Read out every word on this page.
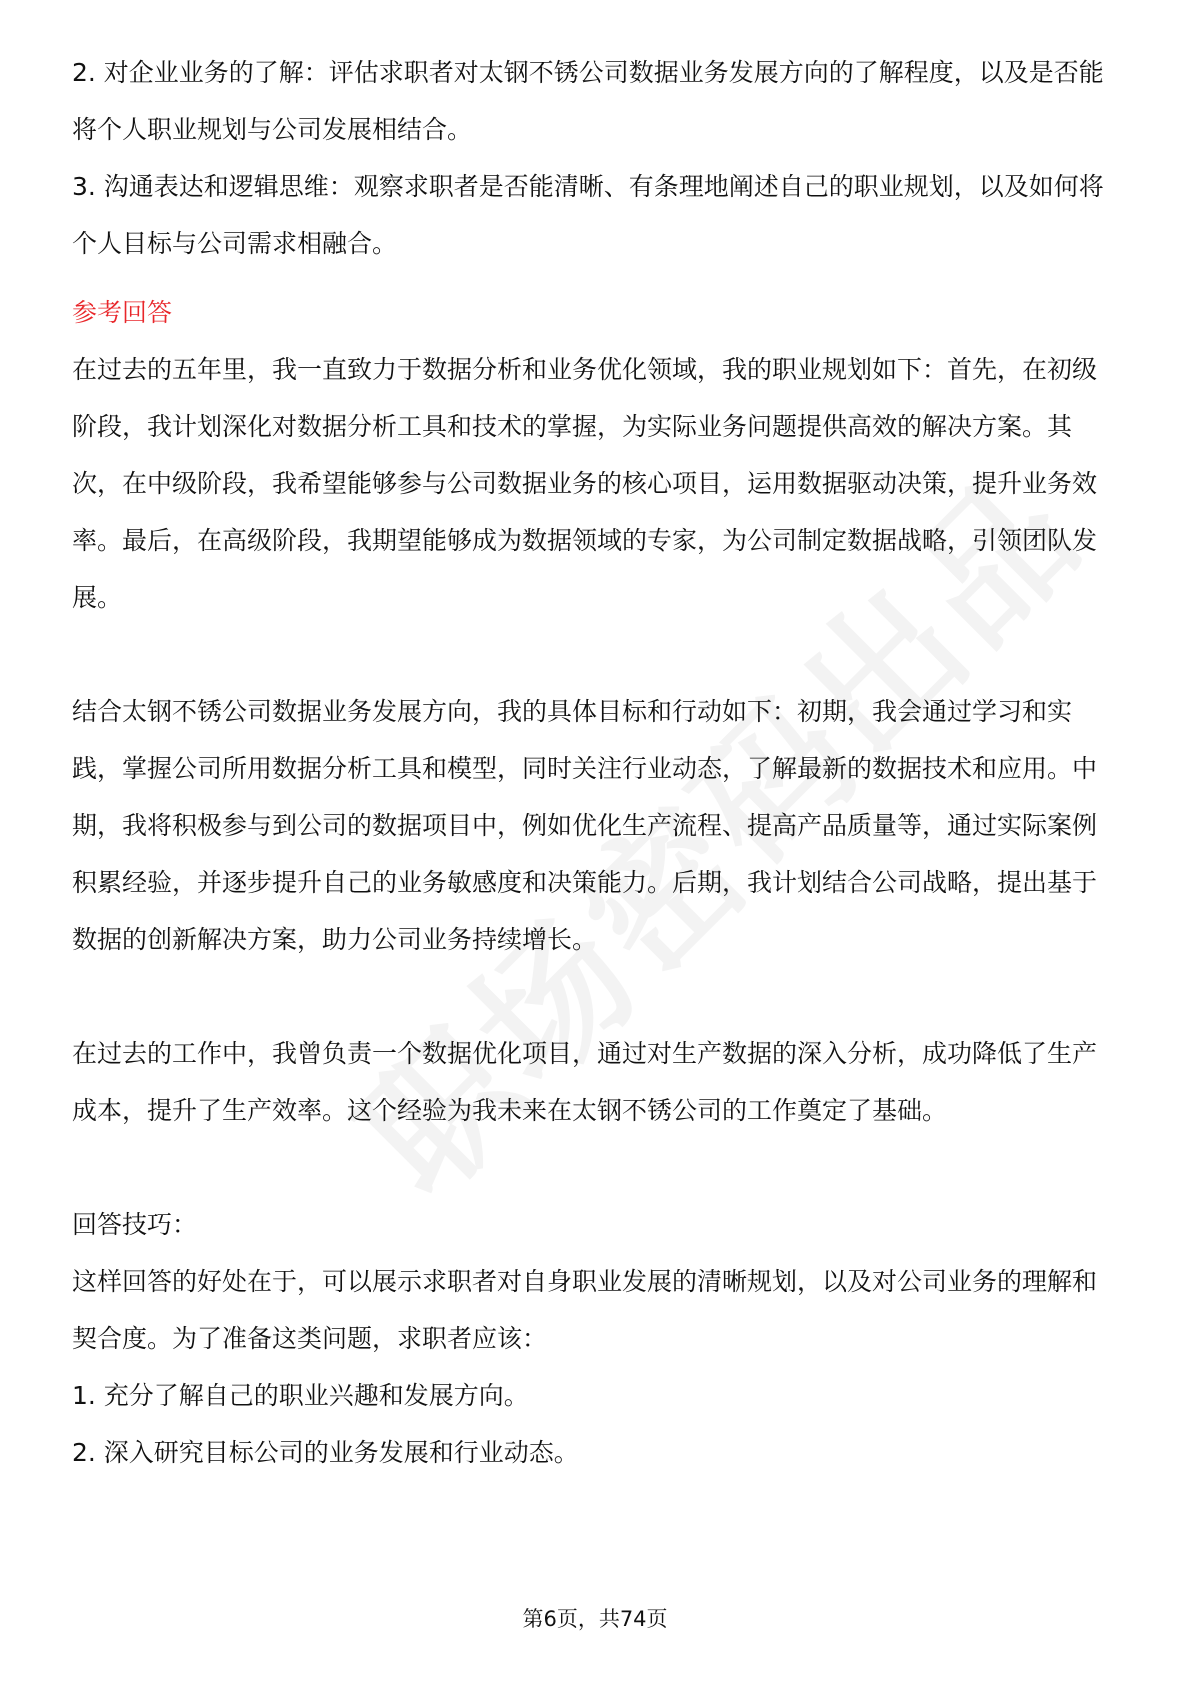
2. 对企业业务的了解：评估求职者对太钢不锈公司数据业务发展方向的了解程度，以及是否能将个人职业规划与公司发展相结合。

3. 沟通表达和逻辑思维：观察求职者是否能清晰、有条理地阐述自己的职业规划，以及如何将个人目标与公司需求相融合。

参考回答

在过去的五年里，我一直致力于数据分析和业务优化领域，我的职业规划如下：首先，在初级阶段，我计划深化对数据分析工具和技术的掌握，为实际业务问题提供高效的解决方案。其次，在中级阶段，我希望能够参与公司数据业务的核心项目，运用数据驱动决策，提升业务效率。最后，在高级阶段，我期望能够成为数据领域的专家，为公司制定数据战略，引领团队发展。

结合太钢不锈公司数据业务发展方向，我的具体目标和行动如下：初期，我会通过学习和实践，掌握公司所用数据分析工具和模型，同时关注行业动态，了解最新的数据技术和应用。中期，我将积极参与到公司的数据项目中，例如优化生产流程、提高产品质量等，通过实际案例积累经验，并逐步提升自己的业务敏感度和决策能力。后期，我计划结合公司战略，提出基于数据的创新解决方案，助力公司业务持续增长。

在过去的工作中，我曾负责一个数据优化项目，通过对生产数据的深入分析，成功降低了生产成本，提升了生产效率。这个经验为我未来在太钢不锈公司的工作奠定了基础。

回答技巧：

这样回答的好处在于，可以展示求职者对自身职业发展的清晰规划，以及对公司业务的理解和契合度。为了准备这类问题，求职者应该：

1. 充分了解自己的职业兴趣和发展方向。

2. 深入研究目标公司的业务发展和行业动态。

第6页，共74页
